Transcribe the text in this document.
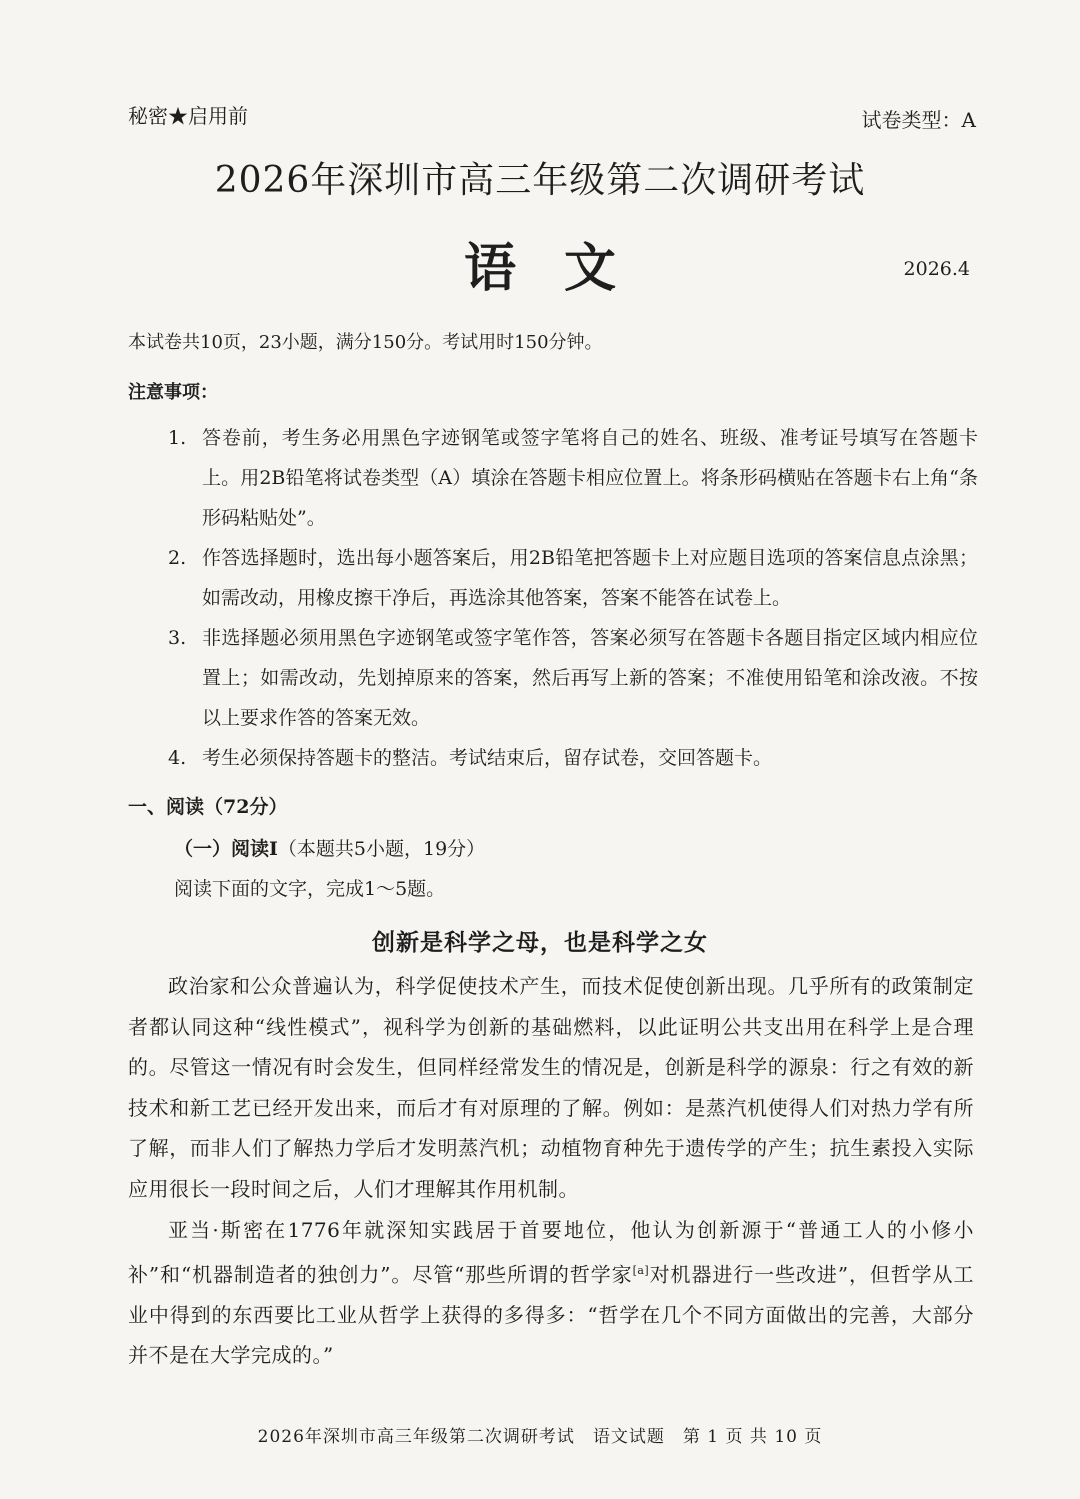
秘密★启用前	试卷类型：A
2026年深圳市高三年级第二次调研考试
语文	2026.4
本试卷共10页，23小题，满分150分。考试用时150分钟。
注意事项：
1. 答卷前，考生务必用黑色字迹钢笔或签字笔将自己的姓名、班级、准考证号填写在答题卡上。用2B铅笔将试卷类型（A）填涂在答题卡相应位置上。将条形码横贴在答题卡右上角“条形码粘贴处”。
2. 作答选择题时，选出每小题答案后，用2B铅笔把答题卡上对应题目选项的答案信息点涂黑；如需改动，用橡皮擦干净后，再选涂其他答案，答案不能答在试卷上。
3. 非选择题必须用黑色字迹钢笔或签字笔作答，答案必须写在答题卡各题目指定区域内相应位置上；如需改动，先划掉原来的答案，然后再写上新的答案；不准使用铅笔和涂改液。不按以上要求作答的答案无效。
4. 考生必须保持答题卡的整洁。考试结束后，留存试卷，交回答题卡。
一、阅读（72分）
（一）阅读Ⅰ（本题共5小题，19分）
阅读下面的文字，完成1～5题。
创新是科学之母，也是科学之女
政治家和公众普遍认为，科学促使技术产生，而技术促使创新出现。几乎所有的政策制定者都认同这种“线性模式”，视科学为创新的基础燃料，以此证明公共支出用在科学上是合理的。尽管这一情况有时会发生，但同样经常发生的情况是，创新是科学的源泉：行之有效的新技术和新工艺已经开发出来，而后才有对原理的了解。例如：是蒸汽机使得人们对热力学有所了解，而非人们了解热力学后才发明蒸汽机；动植物育种先于遗传学的产生；抗生素投入实际应用很长一段时间之后，人们才理解其作用机制。
亚当·斯密在1776年就深知实践居于首要地位，他认为创新源于“普通工人的小修小补”和“机器制造者的独创力”。尽管“那些所谓的哲学家[a]对机器进行一些改进”，但哲学从工业中得到的东西要比工业从哲学上获得的多得多：“哲学在几个不同方面做出的完善，大部分并不是在大学完成的。”
2026年深圳市高三年级第二次调研考试　语文试题　第 1 页 共 10 页
